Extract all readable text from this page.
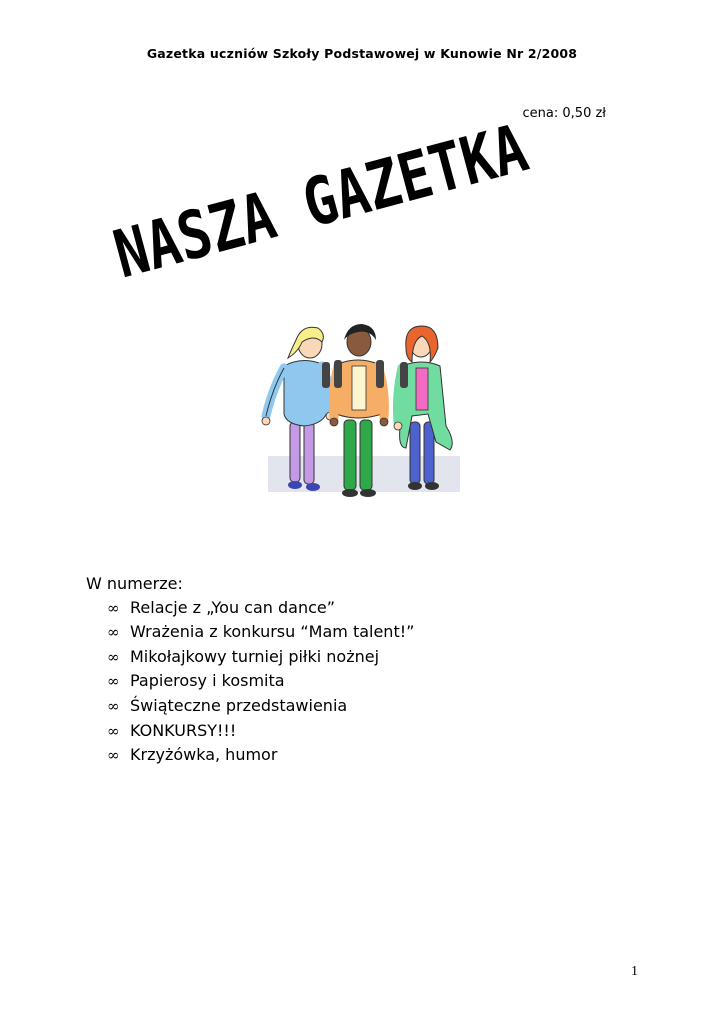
Gazetka uczniów Szkoły Podstawowej w Kunowie Nr 2/2008
cena: 0,50 zł
NASZA GAZETKA

W numerze:

∞ Relacje z „You can dance”
∞ Wrażenia z konkursu “Mam talent!”
∞ Mikołajkowy turniej piłki nożnej
∞ Papierosy i kosmita
∞ Świąteczne przedstawienia
∞ KONKURSY!!!
∞ Krzyżówka, humor
1
